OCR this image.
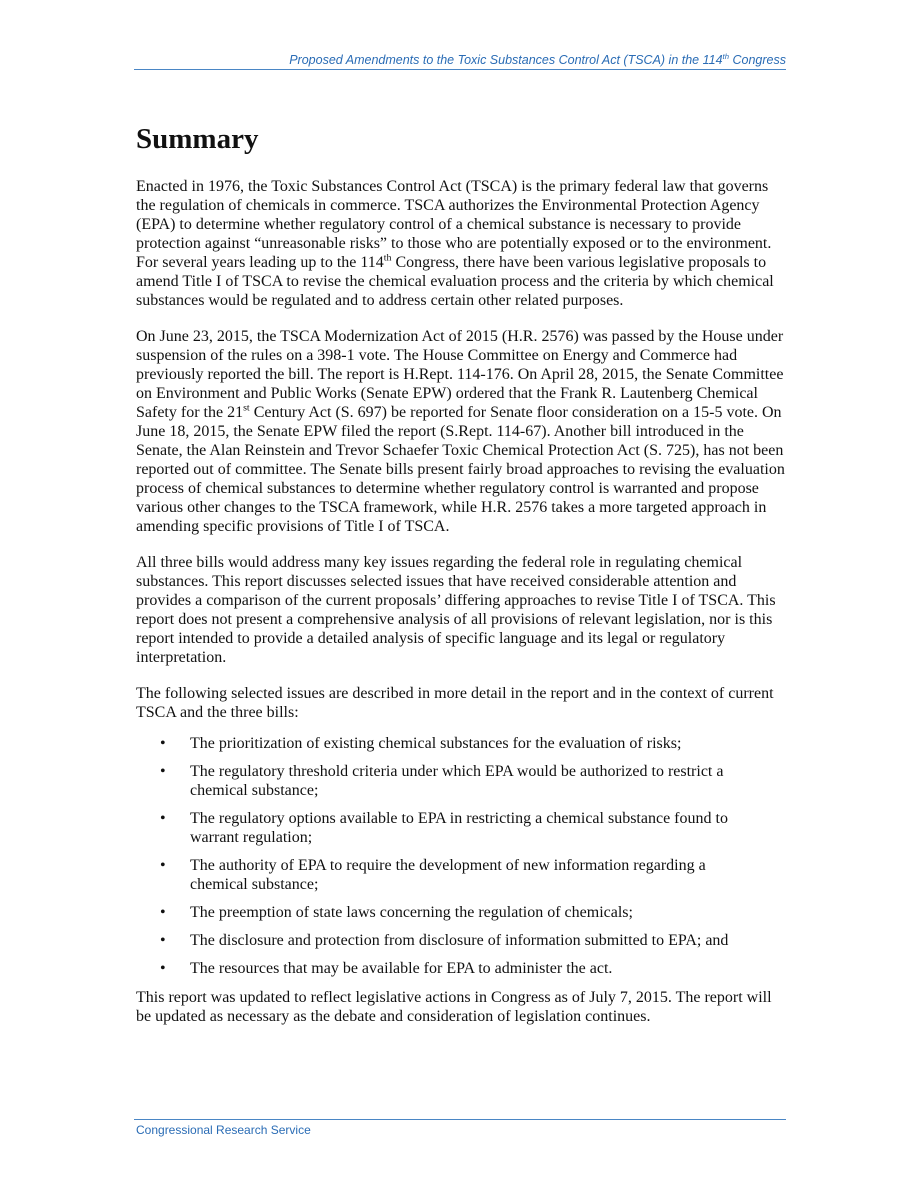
Proposed Amendments to the Toxic Substances Control Act (TSCA) in the 114th Congress
Summary

Enacted in 1976, the Toxic Substances Control Act (TSCA) is the primary federal law that governs the regulation of chemicals in commerce. TSCA authorizes the Environmental Protection Agency (EPA) to determine whether regulatory control of a chemical substance is necessary to provide protection against “unreasonable risks” to those who are potentially exposed or to the environment. For several years leading up to the 114th Congress, there have been various legislative proposals to amend Title I of TSCA to revise the chemical evaluation process and the criteria by which chemical substances would be regulated and to address certain other related purposes.

On June 23, 2015, the TSCA Modernization Act of 2015 (H.R. 2576) was passed by the House under suspension of the rules on a 398-1 vote. The House Committee on Energy and Commerce had previously reported the bill. The report is H.Rept. 114-176. On April 28, 2015, the Senate Committee on Environment and Public Works (Senate EPW) ordered that the Frank R. Lautenberg Chemical Safety for the 21st Century Act (S. 697) be reported for Senate floor consideration on a 15-5 vote. On June 18, 2015, the Senate EPW filed the report (S.Rept. 114-67). Another bill introduced in the Senate, the Alan Reinstein and Trevor Schaefer Toxic Chemical Protection Act (S. 725), has not been reported out of committee. The Senate bills present fairly broad approaches to revising the evaluation process of chemical substances to determine whether regulatory control is warranted and propose various other changes to the TSCA framework, while H.R. 2576 takes a more targeted approach in amending specific provisions of Title I of TSCA.

All three bills would address many key issues regarding the federal role in regulating chemical substances. This report discusses selected issues that have received considerable attention and provides a comparison of the current proposals’ differing approaches to revise Title I of TSCA. This report does not present a comprehensive analysis of all provisions of relevant legislation, nor is this report intended to provide a detailed analysis of specific language and its legal or regulatory interpretation.

The following selected issues are described in more detail in the report and in the context of current TSCA and the three bills:

• The prioritization of existing chemical substances for the evaluation of risks;
• The regulatory threshold criteria under which EPA would be authorized to restrict a chemical substance;
• The regulatory options available to EPA in restricting a chemical substance found to warrant regulation;
• The authority of EPA to require the development of new information regarding a chemical substance;
• The preemption of state laws concerning the regulation of chemicals;
• The disclosure and protection from disclosure of information submitted to EPA; and
• The resources that may be available for EPA to administer the act.

This report was updated to reflect legislative actions in Congress as of July 7, 2015. The report will be updated as necessary as the debate and consideration of legislation continues.

Congressional Research Service
